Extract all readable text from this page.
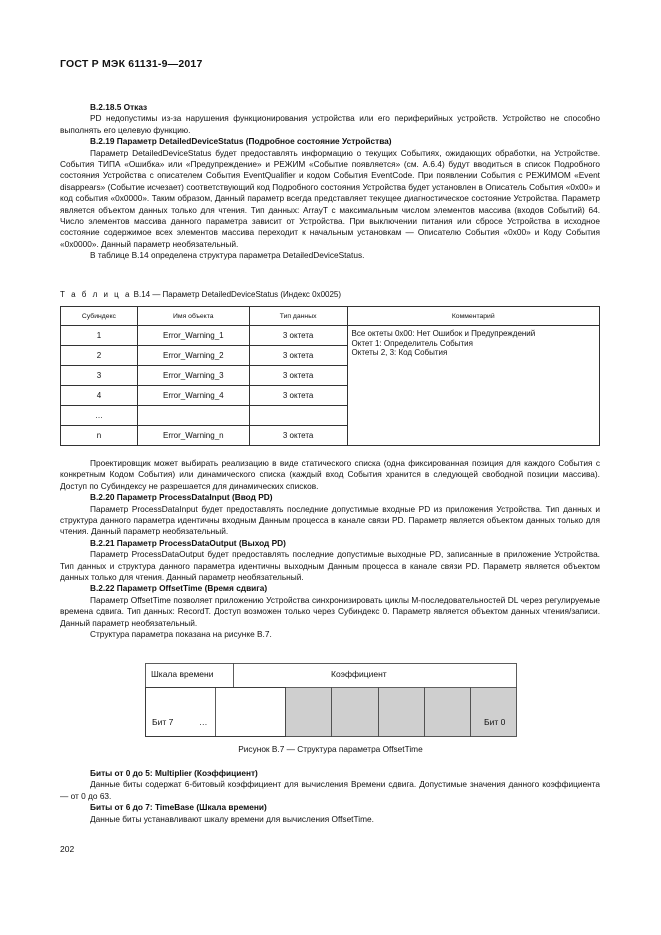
ГОСТ Р МЭК 61131-9—2017

B.2.18.5 Отказ

PD недопустимы из-за нарушения функционирования устройства или его периферийных устройств. Устройство не способно выполнять его целевую функцию.

B.2.19 Параметр DetailedDeviceStatus (Подробное состояние Устройства)

Параметр DetailedDeviceStatus будет предоставлять информацию о текущих Событиях, ожидающих обработки, на Устройстве. События ТИПА «Ошибка» или «Предупреждение» и РЕЖИМ «Событие появляется» (см. А.6.4) будут вводиться в список Подробного состояния Устройства с описателем События EventQualifier и кодом События EventCode. При появлении События с РЕЖИМОМ «Event disappears» (Событие исчезает) соответствующий код Подробного состояния Устройства будет установлен в Описатель События «0x00» и код события «0x0000». Таким образом, Данный параметр всегда представляет текущее диагностическое состояние Устройства. Параметр является объектом данных только для чтения. Тип данных: ArrayT с максимальным числом элементов массива (входов Событий) 64. Число элементов массива данного параметра зависит от Устройства. При выключении питания или сбросе Устройства в исходное состояние содержимое всех элементов массива переходит к начальным установкам — Описателю События «0x00» и Коду События «0x0000». Данный параметр необязательный.

В таблице В.14 определена структура параметра DetailedDeviceStatus.

Т а б л и ц а B.14 — Параметр DetailedDeviceStatus (Индекс 0x0025)
Субиндекс	Имя объекта	Тип данных	Комментарий
1	Error_Warning_1	3 октета	Все октеты 0x00: Нет Ошибок и Предупреждений
Октет 1: Определитель События
Октеты 2, 3: Код События

2	Error_Warning_2	3 октета	
3	Error_Warning_3	3 октета	
4	Error_Warning_4	3 октета	
…			
n	Error_Warning_n	3 октета	

Проектировщик может выбирать реализацию в виде статического списка (одна фиксированная позиция для каждого События с конкретным Кодом События) или динамического списка (каждый вход События хранится в следующей свободной позиции массива). Доступ по Субиндексу не разрешается для динамических списков.

B.2.20 Параметр ProcessDataInput (Ввод PD)

Параметр ProcessDataInput будет предоставлять последние допустимые входные PD из приложения Устройства. Тип данных и структура данного параметра идентичны входным Данным процесса в канале связи PD. Параметр является объектом данных только для чтения. Данный параметр необязательный.

B.2.21 Параметр ProcessDataOutput (Выход PD)

Параметр ProcessDataOutput будет предоставлять последние допустимые выходные PD, записанные в приложение Устройства. Тип данных и структура данного параметра идентичны выходным Данным процесса в канале связи PD. Параметр является объектом данных только для чтения. Данный параметр необязательный.

B.2.22 Параметр OffsetTime (Время сдвига)

Параметр OffsetTime позволяет приложению Устройства синхронизировать циклы М-последовательностей DL через регулируемые времена сдвига. Тип данных: RecordT. Доступ возможен только через Субиндекс 0. Параметр является объектом данных чтения/записи. Данный параметр необязательный.

Структура параметра показана на рисунке В.7.

Шкала времени	Коэффициент
Бит 7	…	Бит 0
Рисунок В.7 — Структура параметра OffsetTime

Биты от 0 до 5: Multiplier (Коэффициент)

Данные биты содержат 6-битовый коэффициент для вычисления Времени сдвига. Допустимые значения данного коэффициента — от 0 до 63.

Биты от 6 до 7: TimeBase (Шкала времени)

Данные биты устанавливают шкалу времени для вычисления OffsetTime.

202
